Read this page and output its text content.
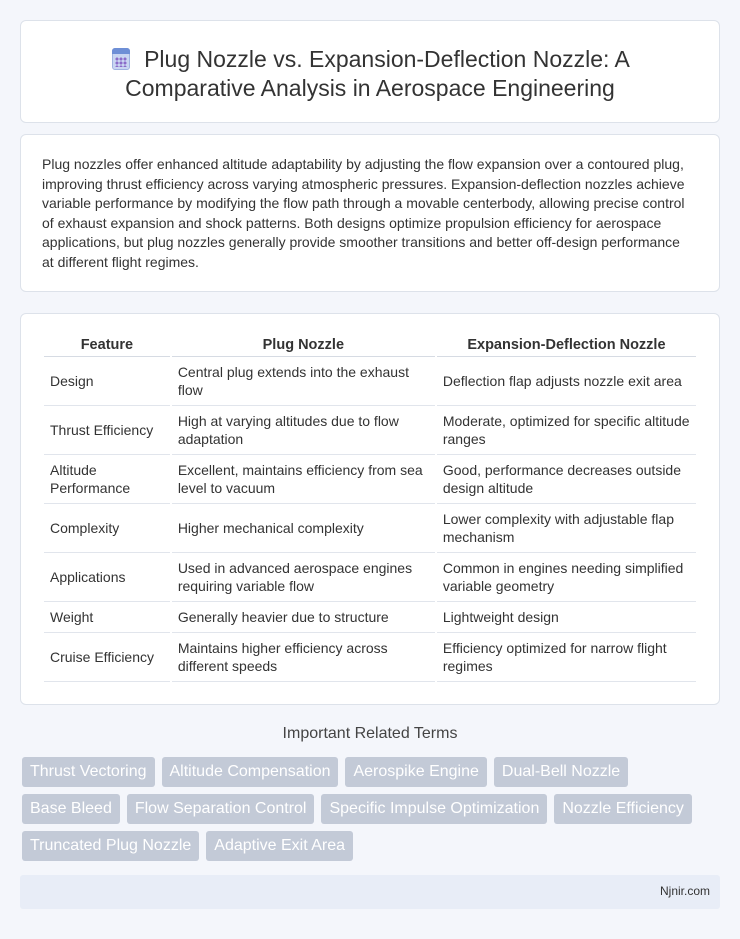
Plug Nozzle vs. Expansion-Deflection Nozzle: A Comparative Analysis in Aerospace Engineering

Plug nozzles offer enhanced altitude adaptability by adjusting the flow expansion over a contoured plug, improving thrust efficiency across varying atmospheric pressures. Expansion-deflection nozzles achieve variable performance by modifying the flow path through a movable centerbody, allowing precise control of exhaust expansion and shock patterns. Both designs optimize propulsion efficiency for aerospace applications, but plug nozzles generally provide smoother transitions and better off-design performance at different flight regimes.

Feature	Plug Nozzle	Expansion-Deflection Nozzle
Design	Central plug extends into the exhaust flow	Deflection flap adjusts nozzle exit area
Thrust Efficiency	High at varying altitudes due to flow adaptation	Moderate, optimized for specific altitude ranges
Altitude Performance	Excellent, maintains efficiency from sea level to vacuum	Good, performance decreases outside design altitude
Complexity	Higher mechanical complexity	Lower complexity with adjustable flap mechanism
Applications	Used in advanced aerospace engines requiring variable flow	Common in engines needing simplified variable geometry
Weight	Generally heavier due to structure	Lightweight design
Cruise Efficiency	Maintains higher efficiency across different speeds	Efficiency optimized for narrow flight regimes
Important Related Terms
Thrust Vectoring	Altitude Compensation	Aerospike Engine	Dual-Bell Nozzle
Base Bleed	Flow Separation Control	Specific Impulse Optimization	Nozzle Efficiency
Truncated Plug Nozzle	Adaptive Exit Area
Njnir.com
